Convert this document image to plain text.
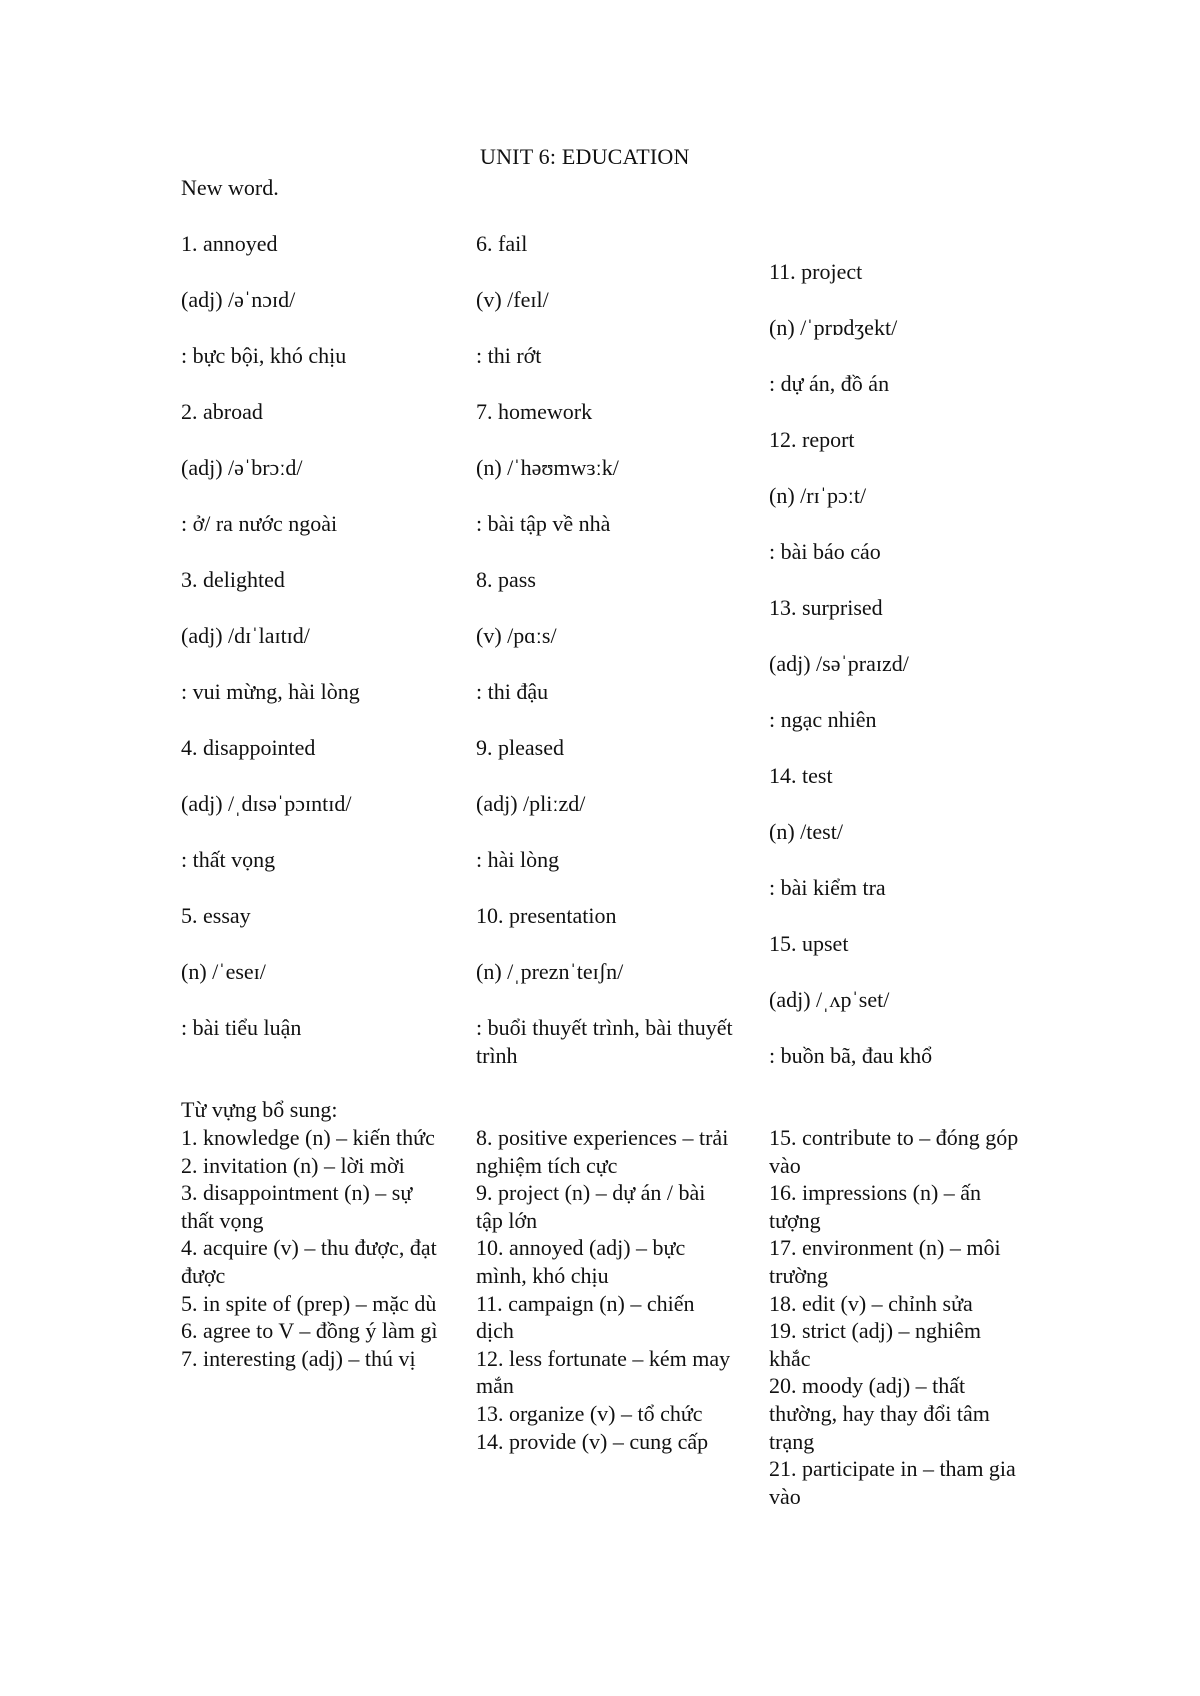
UNIT 6: EDUCATION
New word.
1. annoyed
(adj) /əˈnɔɪd/
: bực bội, khó chịu
2. abroad
(adj) /əˈbrɔːd/
: ở/ ra nước ngoài
3. delighted
(adj) /dɪˈlaɪtɪd/
: vui mừng, hài lòng
4. disappointed
(adj) /ˌdɪsəˈpɔɪntɪd/
: thất vọng
5. essay
(n) /ˈeseɪ/
: bài tiểu luận
6. fail
(v) /feɪl/
: thi rớt
7. homework
(n) /ˈhəʊmwɜːk/
: bài tập về nhà
8. pass
(v) /pɑːs/
: thi đậu
9. pleased
(adj) /pliːzd/
: hài lòng
10. presentation
(n) /ˌpreznˈteɪʃn/
: buổi thuyết trình, bài thuyết trình
11. project
(n) /ˈprɒdʒekt/
: dự án, đồ án
12. report
(n) /rɪˈpɔːt/
: bài báo cáo
13. surprised
(adj) /səˈpraɪzd/
: ngạc nhiên
14. test
(n) /test/
: bài kiểm tra
15. upset
(adj) /ˌʌpˈset/
: buồn bã, đau khổ
Từ vựng bổ sung:
1. knowledge (n) – kiến thức
2. invitation (n) – lời mời
3. disappointment (n) – sự thất vọng
4. acquire (v) – thu được, đạt được
5. in spite of (prep) – mặc dù
6. agree to V – đồng ý làm gì
7. interesting (adj) – thú vị
8. positive experiences – trải nghiệm tích cực
9. project (n) – dự án / bài tập lớn
10. annoyed (adj) – bực mình, khó chịu
11. campaign (n) – chiến dịch
12. less fortunate – kém may mắn
13. organize (v) – tổ chức
14. provide (v) – cung cấp
15. contribute to – đóng góp vào
16. impressions (n) – ấn tượng
17. environment (n) – môi trường
18. edit (v) – chỉnh sửa
19. strict (adj) – nghiêm khắc
20. moody (adj) – thất thường, hay thay đổi tâm trạng
21. participate in – tham gia vào
